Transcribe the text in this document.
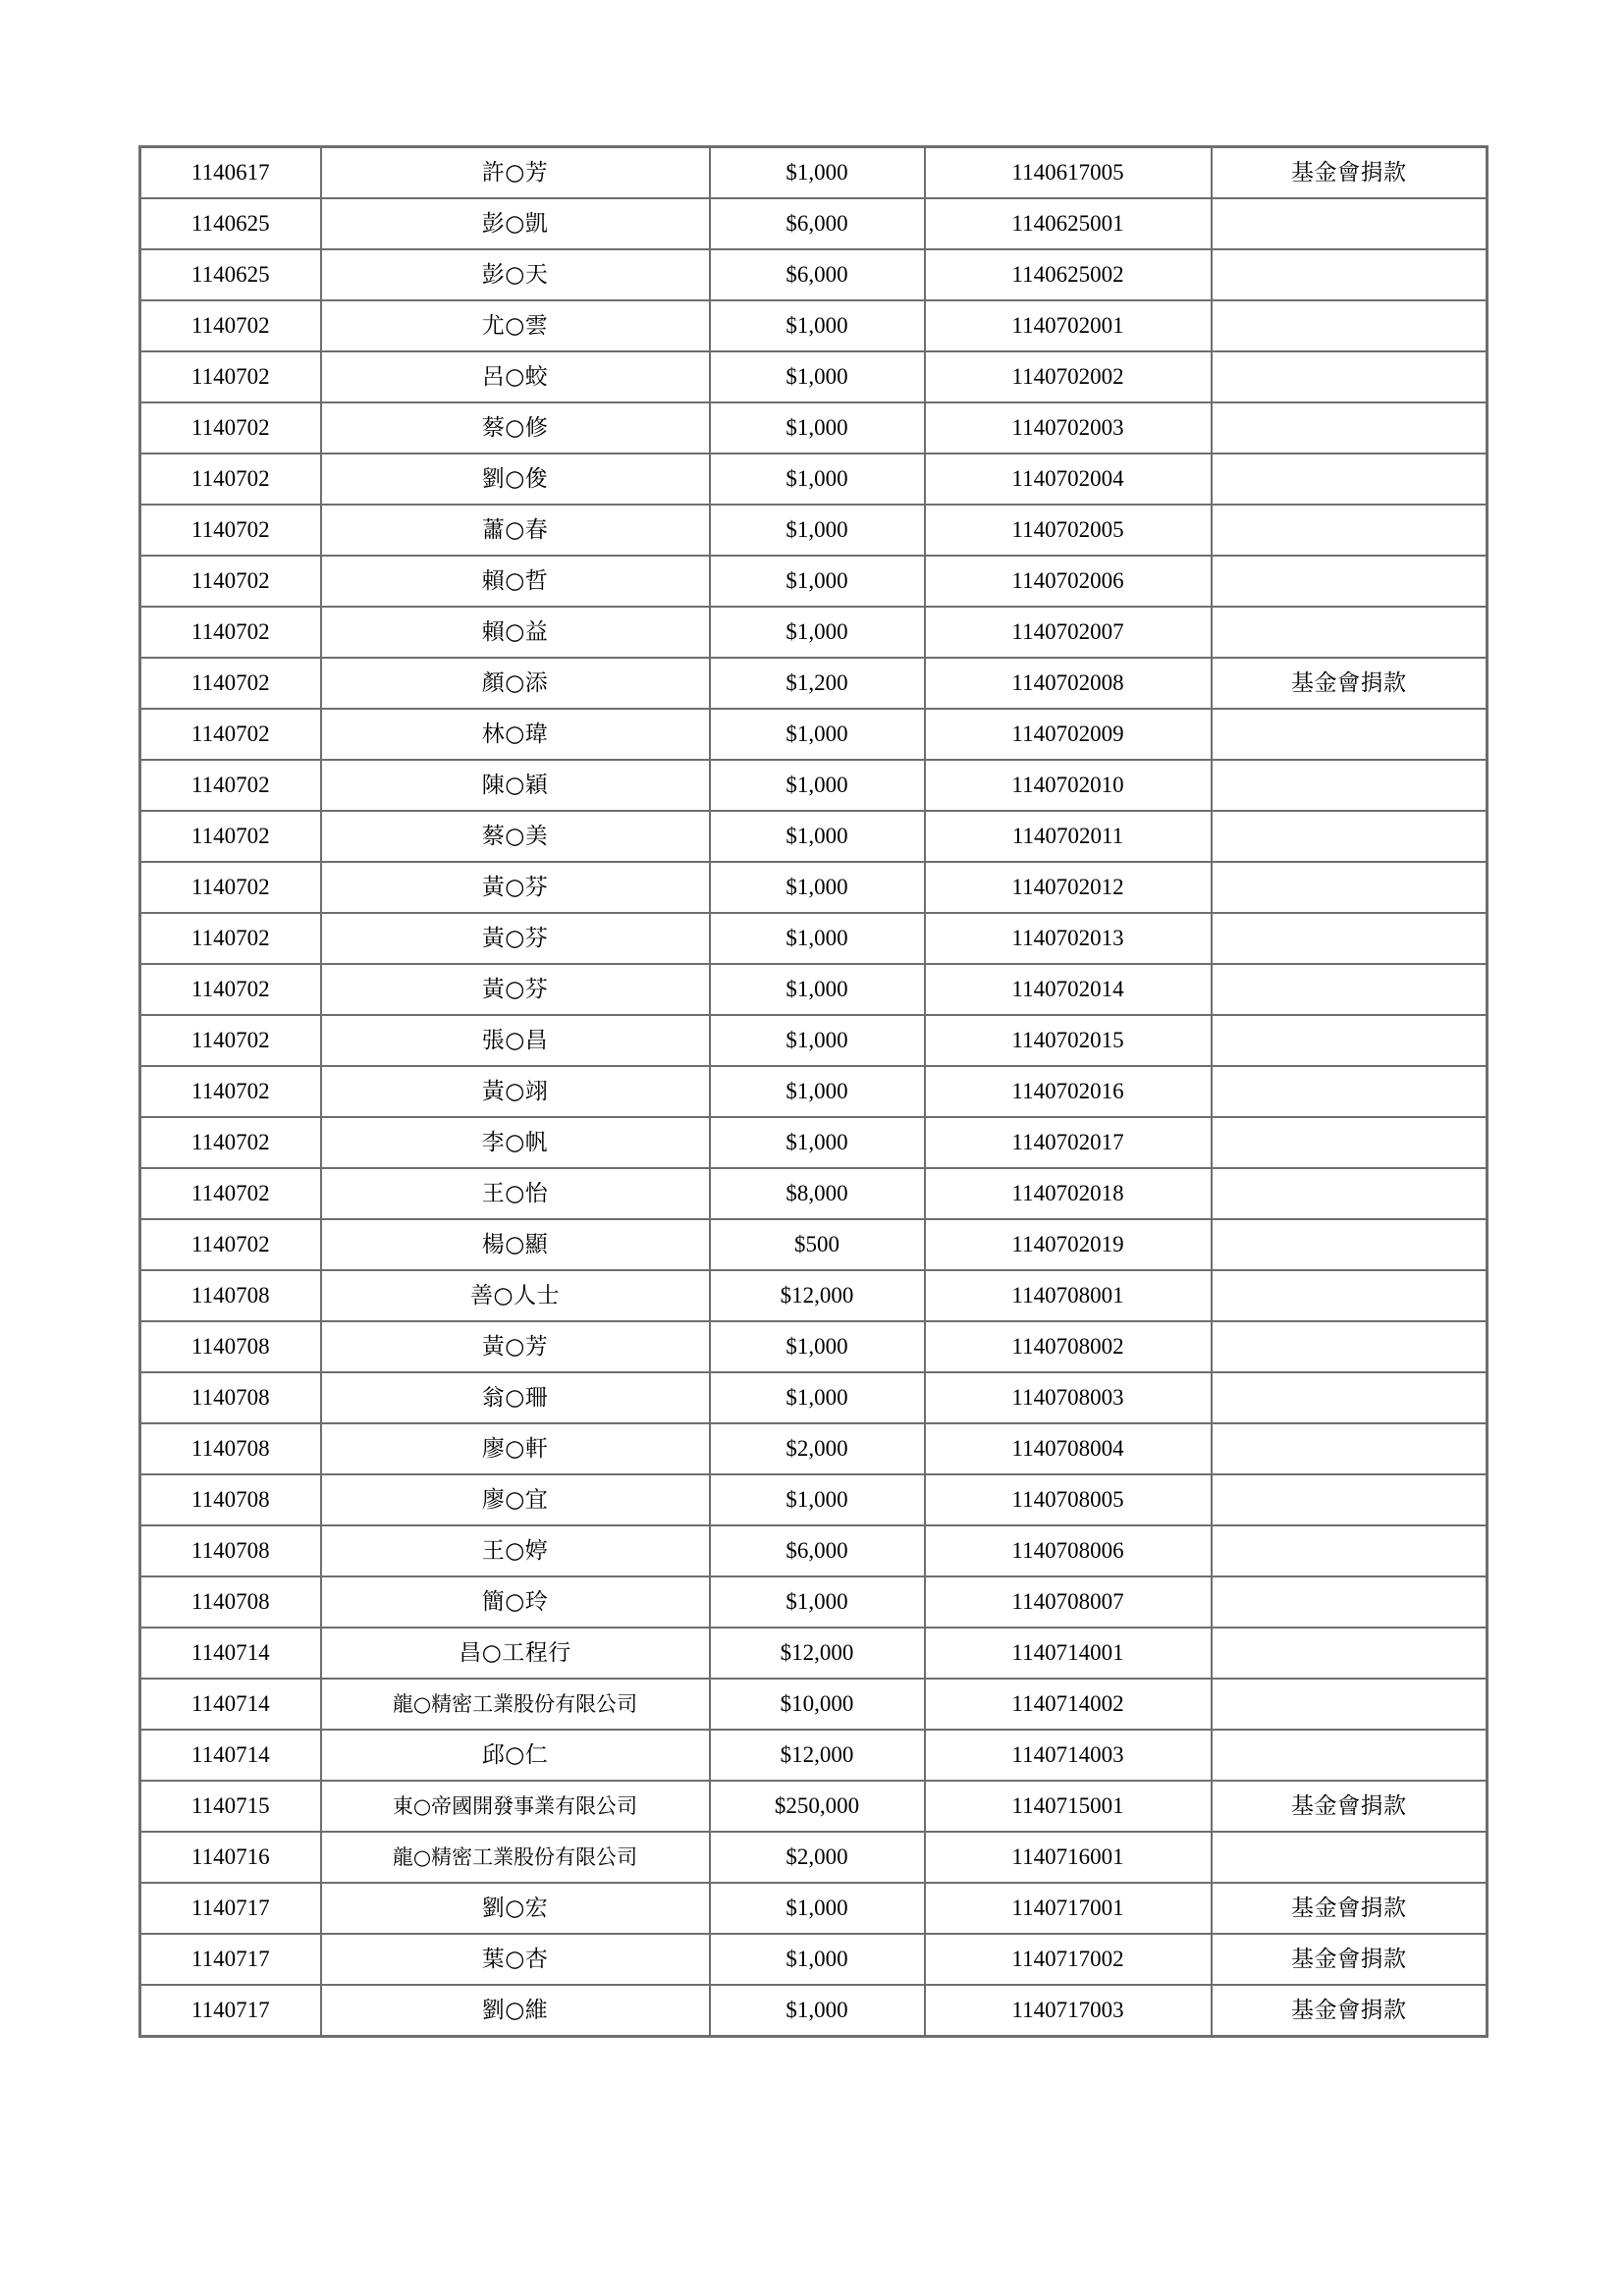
1140617	許○芳	$1,000	1140617005	基金會捐款
1140625	彭○凱	$6,000	1140625001	
1140625	彭○天	$6,000	1140625002	
1140702	尤○雲	$1,000	1140702001	
1140702	呂○蛟	$1,000	1140702002	
1140702	蔡○修	$1,000	1140702003	
1140702	劉○俊	$1,000	1140702004	
1140702	蕭○春	$1,000	1140702005	
1140702	賴○哲	$1,000	1140702006	
1140702	賴○益	$1,000	1140702007	
1140702	顏○添	$1,200	1140702008	基金會捐款
1140702	林○瑋	$1,000	1140702009	
1140702	陳○穎	$1,000	1140702010	
1140702	蔡○美	$1,000	1140702011	
1140702	黃○芬	$1,000	1140702012	
1140702	黃○芬	$1,000	1140702013	
1140702	黃○芬	$1,000	1140702014	
1140702	張○昌	$1,000	1140702015	
1140702	黃○翊	$1,000	1140702016	
1140702	李○帆	$1,000	1140702017	
1140702	王○怡	$8,000	1140702018	
1140702	楊○顯	$500	1140702019	
1140708	善○人士	$12,000	1140708001	
1140708	黃○芳	$1,000	1140708002	
1140708	翁○珊	$1,000	1140708003	
1140708	廖○軒	$2,000	1140708004	
1140708	廖○宜	$1,000	1140708005	
1140708	王○婷	$6,000	1140708006	
1140708	簡○玲	$1,000	1140708007	
1140714	昌○工程行	$12,000	1140714001	
1140714	龍○精密工業股份有限公司	$10,000	1140714002	
1140714	邱○仁	$12,000	1140714003	
1140715	東○帝國開發事業有限公司	$250,000	1140715001	基金會捐款
1140716	龍○精密工業股份有限公司	$2,000	1140716001	
1140717	劉○宏	$1,000	1140717001	基金會捐款
1140717	葉○杏	$1,000	1140717002	基金會捐款
1140717	劉○維	$1,000	1140717003	基金會捐款
